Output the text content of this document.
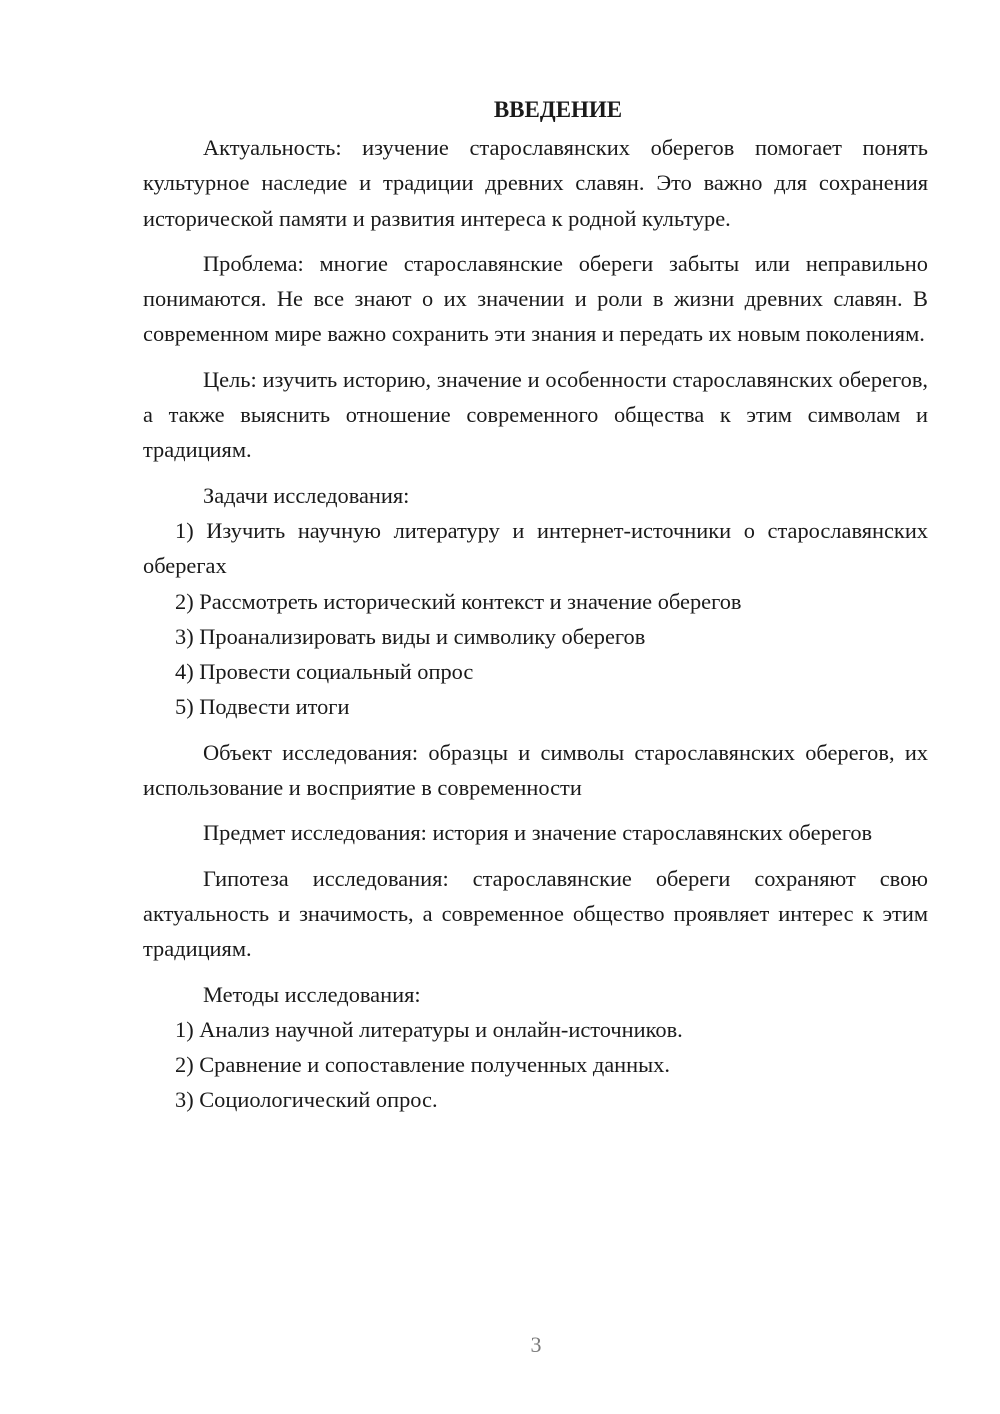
ВВЕДЕНИЕ

Актуальность: изучение старославянских оберегов помогает понять культурное наследие и традиции древних славян. Это важно для сохранения исторической памяти и развития интереса к родной культуре.

Проблема: многие старославянские обереги забыты или неправильно понимаются. Не все знают о их значении и роли в жизни древних славян. В современном мире важно сохранить эти знания и передать их новым поколениям.

Цель: изучить историю, значение и особенности старославянских оберегов, а также выяснить отношение современного общества к этим символам и традициям.

Задачи исследования:

1) Изучить научную литературу и интернет-источники о старославянских оберегах

2) Рассмотреть исторический контекст и значение оберегов

3) Проанализировать виды и символику оберегов

4) Провести социальный опрос

5) Подвести итоги

Объект исследования: образцы и символы старославянских оберегов, их использование и восприятие в современности

Предмет исследования: история и значение старославянских оберегов

Гипотеза исследования: старославянские обереги сохраняют свою актуальность и значимость, а современное общество проявляет интерес к этим традициям.

Методы исследования:

1) Анализ научной литературы и онлайн-источников.

2) Сравнение и сопоставление полученных данных.

3) Социологический опрос.

3
